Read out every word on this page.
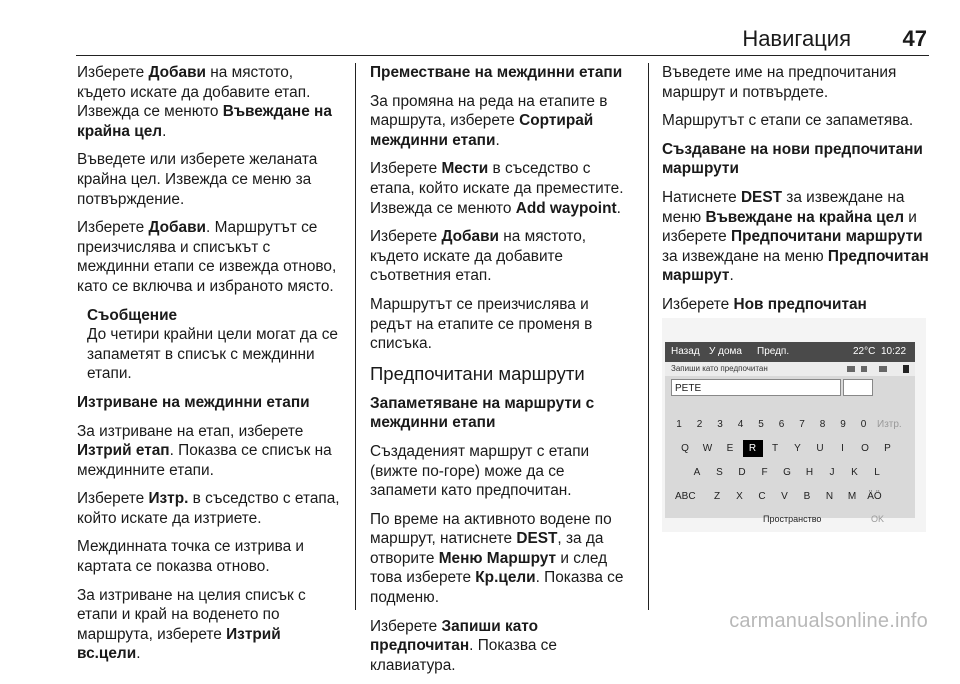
Навигация 47

Изберете Добави на мястото, където искате да добавите етап. Извежда се менюто Въвеждане на крайна цел.

Въведете или изберете желаната крайна цел. Извежда се меню за потвърждение.

Изберете Добави. Маршрутът се преизчислява и списъкът с междинни етапи се извежда отново, като се включва и избраното място.

Съобщение
До четири крайни цели могат да се запаметят в списък с междинни етапи.

Изтриване на междинни етапи

За изтриване на етап, изберете Изтрий етап. Показва се списък на междинните етапи.

Изберете Изтр. в съседство с етапа, който искате да изтриете.

Междинната точка се изтрива и картата се показва отново.

За изтриване на целия списък с етапи и край на воденето по маршрута, изберете Изтрий вс.цели.

Преместване на междинни етапи

За промяна на реда на етапите в маршрута, изберете Сортирай междинни етапи.

Изберете Мести в съседство с етапа, който искате да преместите. Извежда се менюто Add waypoint.

Изберете Добави на мястото, където искате да добавите съответния етап.

Маршрутът се преизчислява и редът на етапите се променя в списъка.

Предпочитани маршрути

Запаметяване на маршрути с междинни етапи

Създаденият маршрут с етапи (вижте по-горе) може да се запамети като предпочитан.

По време на активното водене по маршрут, натиснете DEST, за да отворите Меню Маршрут и след това изберете Кр.цели. Показва се подменю.

Изберете Запиши като предпочитан. Показва се клавиатура.

Въведете име на предпочитания маршрут и потвърдете.

Маршрутът с етапи се запаметява.

Създаване на нови предпочитани маршрути

Натиснете DEST за извеждане на меню Въвеждане на крайна цел и изберете Предпочитани маршрути за извеждане на меню Предпочитан маршрут.

Изберете Нов предпочитан

Назад У дома Предп.	22°C 10:22
Запиши като предпочитан
PETE
1	2	3	4	5	6	7	8	9	0	Изтр.
Q	W	E	R	T	Y	U	I	O	P
A	S	D	F	G	H	J	K	L
ABC	Z	X	C	V	B	N	M	ÄÖ
Пространство	OK
carmanualsonline.info
